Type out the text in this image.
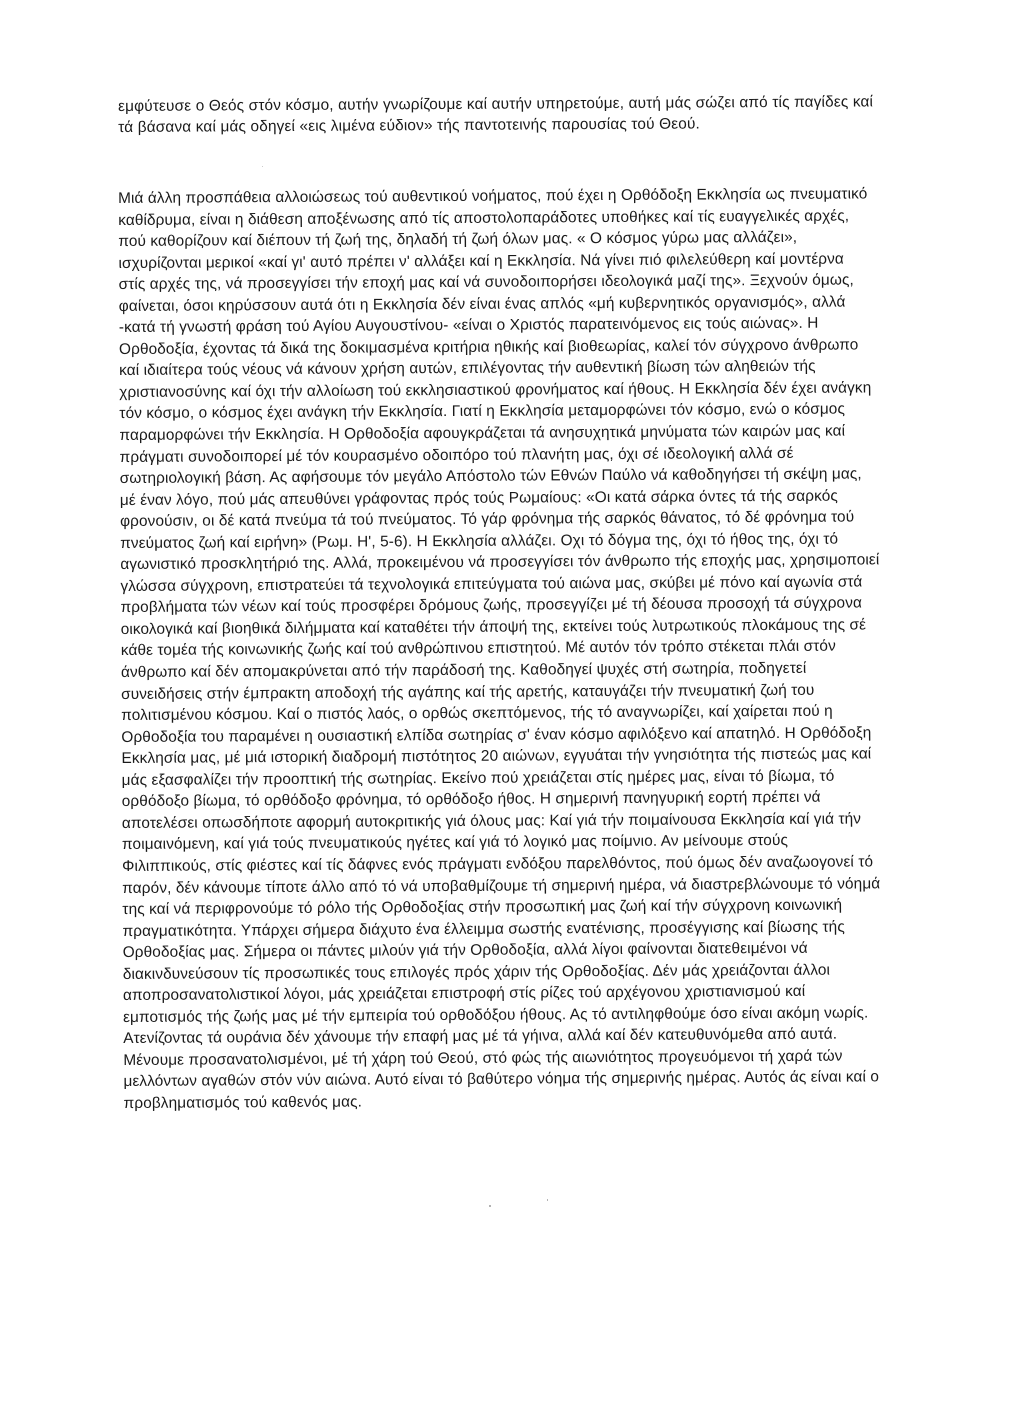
εμφύτευσε ο Θεός στόν κόσμο, αυτήν γνωρίζουμε καί αυτήν υπηρετούμε, αυτή μάς σώζει από τίς παγίδες καί
τά βάσανα καί μάς οδηγεί «εις λιμένα εύδιον» τής παντοτεινής παρουσίας τού Θεού.
Μιά άλλη προσπάθεια αλλοιώσεως τού αυθεντικού νοήματος, πού έχει η Ορθόδοξη Εκκλησία ως πνευματικό
καθίδρυμα, είναι η διάθεση αποξένωσης από τίς αποστολοπαράδοτες υποθήκες καί τίς ευαγγελικές αρχές,
πού καθορίζουν καί διέπουν τή ζωή της, δηλαδή τή ζωή όλων μας. « Ο κόσμος γύρω μας αλλάζει»,
ισχυρίζονται μερικοί «καί γι' αυτό πρέπει ν' αλλάξει καί η Εκκλησία. Νά γίνει πιό φιλελεύθερη καί μοντέρνα
στίς αρχές της, νά προσεγγίσει τήν εποχή μας καί νά συνοδοιπορήσει ιδεολογικά μαζί της». Ξεχνούν όμως,
φαίνεται, όσοι κηρύσσουν αυτά ότι η Εκκλησία δέν είναι ένας απλός «μή κυβερνητικός οργανισμός», αλλά
-κατά τή γνωστή φράση τού Αγίου Αυγουστίνου- «είναι ο Χριστός παρατεινόμενος εις τούς αιώνας». Η
Ορθοδοξία, έχοντας τά δικά της δοκιμασμένα κριτήρια ηθικής καί βιοθεωρίας, καλεί τόν σύγχρονο άνθρωπο
καί ιδιαίτερα τούς νέους νά κάνουν χρήση αυτών, επιλέγοντας τήν αυθεντική βίωση τών αληθειών τής
χριστιανοσύνης καί όχι τήν αλλοίωση τού εκκλησιαστικού φρονήματος καί ήθους. Η Εκκλησία δέν έχει ανάγκη
τόν κόσμο, ο κόσμος έχει ανάγκη τήν Εκκλησία. Γιατί η Εκκλησία μεταμορφώνει τόν κόσμο, ενώ ο κόσμος
παραμορφώνει τήν Εκκλησία. Η Ορθοδοξία αφουγκράζεται τά ανησυχητικά μηνύματα τών καιρών μας καί
πράγματι συνοδοιπορεί μέ τόν κουρασμένο οδοιπόρο τού πλανήτη μας, όχι σέ ιδεολογική αλλά σέ
σωτηριολογική βάση. Ας αφήσουμε τόν μεγάλο Απόστολο τών Εθνών Παύλο νά καθοδηγήσει τή σκέψη μας,
μέ έναν λόγο, πού μάς απευθύνει γράφοντας πρός τούς Ρωμαίους: «Οι κατά σάρκα όντες τά τής σαρκός
φρονούσιν, οι δέ κατά πνεύμα τά τού πνεύματος. Τό γάρ φρόνημα τής σαρκός θάνατος, τό δέ φρόνημα τού
πνεύματος ζωή καί ειρήνη» (Ρωμ. Η', 5-6). Η Εκκλησία αλλάζει. Οχι τό δόγμα της, όχι τό ήθος της, όχι τό
αγωνιστικό προσκλητήριό της. Αλλά, προκειμένου νά προσεγγίσει τόν άνθρωπο τής εποχής μας, χρησιμοποιεί
γλώσσα σύγχρονη, επιστρατεύει τά τεχνολογικά επιτεύγματα τού αιώνα μας, σκύβει μέ πόνο καί αγωνία στά
προβλήματα τών νέων καί τούς προσφέρει δρόμους ζωής, προσεγγίζει μέ τή δέουσα προσοχή τά σύγχρονα
οικολογικά καί βιοηθικά διλήμματα καί καταθέτει τήν άποψή της, εκτείνει τούς λυτρωτικούς πλοκάμους της σέ
κάθε τομέα τής κοινωνικής ζωής καί τού ανθρώπινου επιστητού. Μέ αυτόν τόν τρόπο στέκεται πλάι στόν
άνθρωπο καί δέν απομακρύνεται από τήν παράδοσή της. Καθοδηγεί ψυχές στή σωτηρία, ποδηγετεί
συνειδήσεις στήν έμπρακτη αποδοχή τής αγάπης καί τής αρετής, καταυγάζει τήν πνευματική ζωή του
πολιτισμένου κόσμου. Καί ο πιστός λαός, ο ορθώς σκεπτόμενος, τής τό αναγνωρίζει, καί χαίρεται πού η
Ορθοδοξία του παραμένει η ουσιαστική ελπίδα σωτηρίας σ' έναν κόσμο αφιλόξενο καί απατηλό. Η Ορθόδοξη
Εκκλησία μας, μέ μιά ιστορική διαδρομή πιστότητος 20 αιώνων, εγγυάται τήν γνησιότητα τής πιστεώς μας καί
μάς εξασφαλίζει τήν προοπτική τής σωτηρίας. Εκείνο πού χρειάζεται στίς ημέρες μας, είναι τό βίωμα, τό
ορθόδοξο βίωμα, τό ορθόδοξο φρόνημα, τό ορθόδοξο ήθος. Η σημερινή πανηγυρική εορτή πρέπει νά
αποτελέσει οπωσδήποτε αφορμή αυτοκριτικής γιά όλους μας: Καί γιά τήν ποιμαίνουσα Εκκλησία καί γιά τήν
ποιμαινόμενη, καί γιά τούς πνευματικούς ηγέτες καί γιά τό λογικό μας ποίμνιο. Αν μείνουμε στούς
Φιλιππικούς, στίς φιέστες καί τίς δάφνες ενός πράγματι ενδόξου παρελθόντος, πού όμως δέν αναζωογονεί τό
παρόν, δέν κάνουμε τίποτε άλλο από τό νά υποβαθμίζουμε τή σημερινή ημέρα, νά διαστρεβλώνουμε τό νόημά
της καί νά περιφρονούμε τό ρόλο τής Ορθοδοξίας στήν προσωπική μας ζωή καί τήν σύγχρονη κοινωνική
πραγματικότητα. Υπάρχει σήμερα διάχυτο ένα έλλειμμα σωστής ενατένισης, προσέγγισης καί βίωσης τής
Ορθοδοξίας μας. Σήμερα οι πάντες μιλούν γιά τήν Ορθοδοξία, αλλά λίγοι φαίνονται διατεθειμένοι νά
διακινδυνεύσουν τίς προσωπικές τους επιλογές πρός χάριν τής Ορθοδοξίας. Δέν μάς χρειάζονται άλλοι
αποπροσανατολιστικοί λόγοι, μάς χρειάζεται επιστροφή στίς ρίζες τού αρχέγονου χριστιανισμού καί
εμποτισμός τής ζωής μας μέ τήν εμπειρία τού ορθοδόξου ήθους. Ας τό αντιληφθούμε όσο είναι ακόμη νωρίς.
Ατενίζοντας τά ουράνια δέν χάνουμε τήν επαφή μας μέ τά γήινα, αλλά καί δέν κατευθυνόμεθα από αυτά.
Μένουμε προσανατολισμένοι, μέ τή χάρη τού Θεού, στό φώς τής αιωνιότητος προγευόμενοι τή χαρά τών
μελλόντων αγαθών στόν νύν αιώνα. Αυτό είναι τό βαθύτερο νόημα τής σημερινής ημέρας. Αυτός άς είναι καί ο
προβληματισμός τού καθενός μας.
